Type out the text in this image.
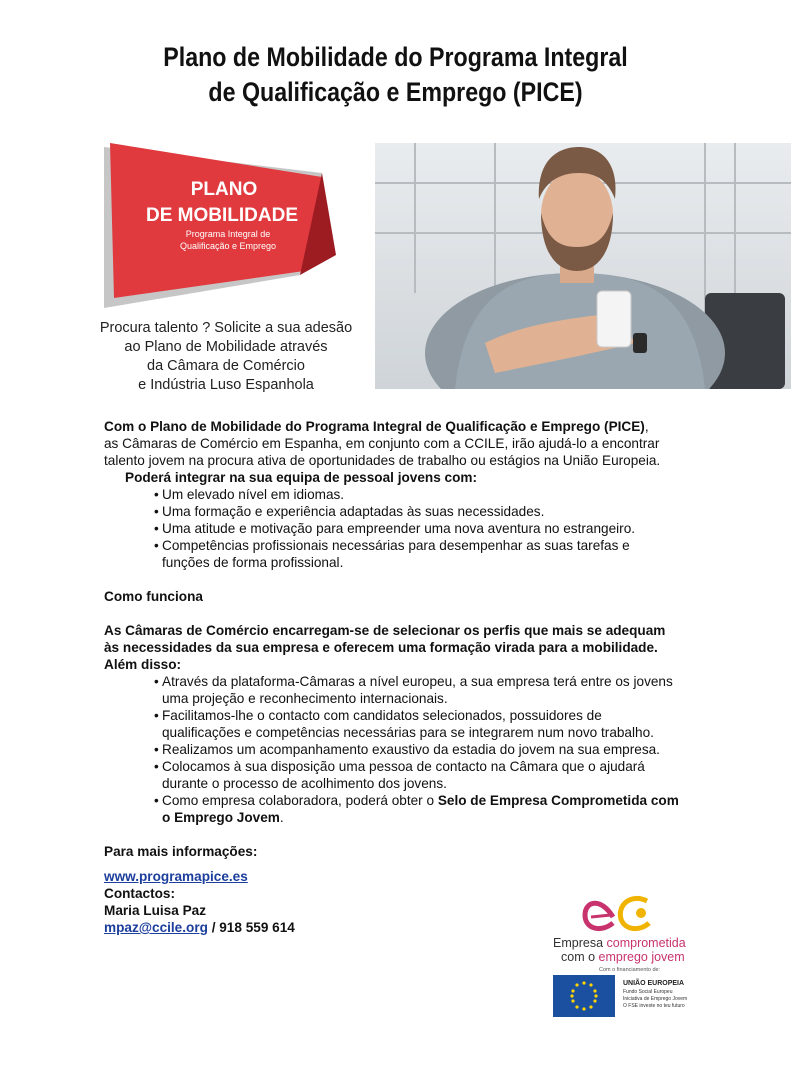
Plano de Mobilidade do Programa Integral
de Qualificação e Emprego (PICE)
PLANO
DE MOBILIDADE
Programa Integral de
Qualificação e Emprego
Procura talento ? Solicite a sua adesão
ao Plano de Mobilidade através
da Câmara de Comércio
e Indústria Luso Espanhola

Com o Plano de Mobilidade do Programa Integral de Qualificação e Emprego (PICE),

as Câmaras de Comércio em Espanha, em conjunto com a CCILE, irão ajudá-lo a encontrar

talento jovem na procura ativa de oportunidades de trabalho ou estágios na União Europeia.

Poderá integrar na sua equipa de pessoal jovens com:

• Um elevado nível em idiomas.

• Uma formação e experiência adaptadas às suas necessidades.

• Uma atitude e motivação para empreender uma nova aventura no estrangeiro.

• Competências profissionais necessárias para desempenhar as suas tarefas e

funções de forma profissional.

Como funciona

As Câmaras de Comércio encarregam-se de selecionar os perfis que mais se adequam

às necessidades da sua empresa e oferecem uma formação virada para a mobilidade.

Além disso:

• Através da plataforma-Câmaras a nível europeu, a sua empresa terá entre os jovens

uma projeção e reconhecimento internacionais.

• Facilitamos-lhe o contacto com candidatos selecionados, possuidores de

qualificações e competências necessárias para se integrarem num novo trabalho.

• Realizamos um acompanhamento exaustivo da estadia do jovem na sua empresa.

• Colocamos à sua disposição uma pessoa de contacto na Câmara que o ajudará

durante o processo de acolhimento dos jovens.

• Como empresa colaboradora, poderá obter o Selo de Empresa Comprometida com

o Emprego Jovem.

Para mais informações:

www.programapice.es

Contactos:

Maria Luisa Paz

mpaz@ccile.org / 918 559 614

Empresa comprometida
com o emprego jovem
Com o financiamento de:
UNIÃO EUROPEIA
Fundo Social Europeu
Iniciativa de Emprego Jovem
O FSE investe no teu futuro
